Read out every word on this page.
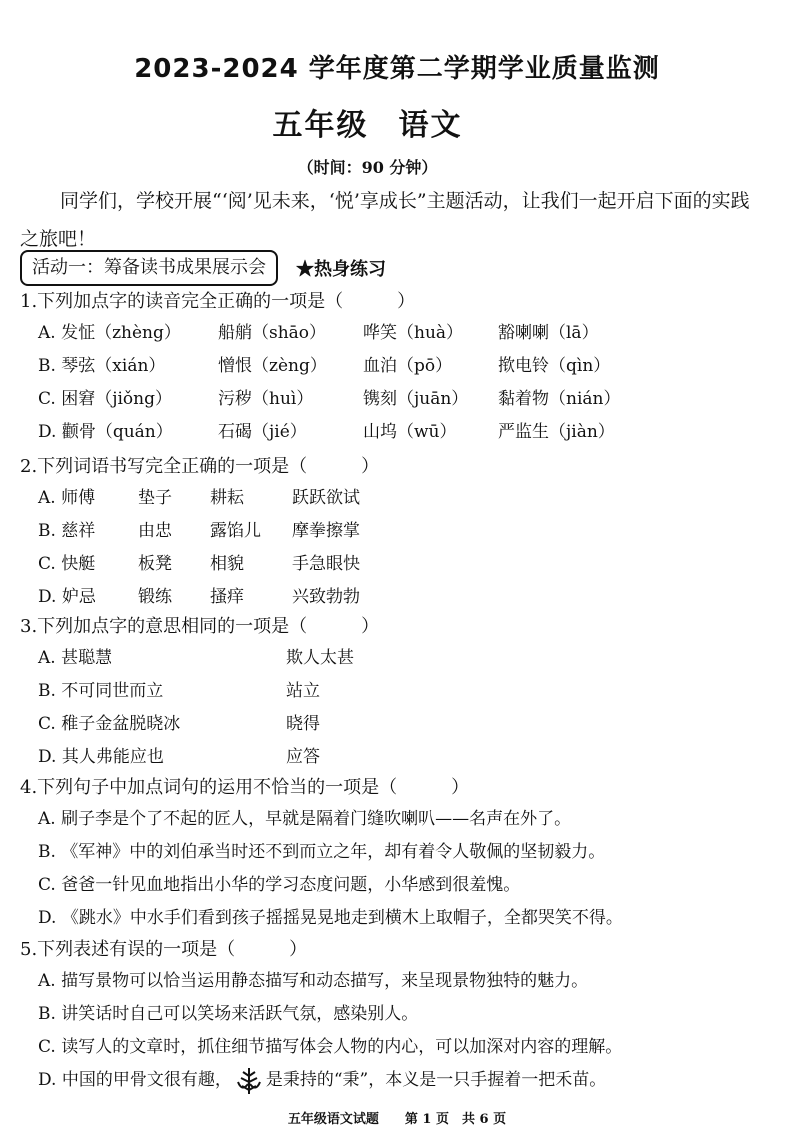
2023-2024 学年度第二学期学业质量监测
五年级 语文
（时间：90 分钟）
同学们，学校开展“‘阅’见未来，‘悦’享成长”主题活动，让我们一起开启下面的实践之旅吧！
活动一：筹备读书成果展示会	★热身练习
1.下列加点字的读音完全正确的一项是（　　　）
A. 发怔（zhèng）	船艄（shāo）	哗笑（huà）	豁喇喇（lā）
B. 琴弦（xián）	憎恨（zèng）	血泊（pō）	揿电铃（qìn）
C. 困窘（jiǒng）	污秽（huì）	镌刻（juān）	黏着物（nián）
D. 颧骨（quán）	石碣（jié）	山坞（wū）	严监生（jiàn）
2.下列词语书写完全正确的一项是（　　　）
A. 师傅	垫子	耕耘	跃跃欲试
B. 慈祥	由忠	露馅儿	摩拳擦掌
C. 快艇	板凳	相貌	手急眼快
D. 妒忌	锻练	搔痒	兴致勃勃
3.下列加点字的意思相同的一项是（　　　）
A. 甚聪慧	欺人太甚
B. 不可同世而立	站立
C. 稚子金盆脱晓冰	晓得
D. 其人弗能应也	应答
4.下列句子中加点词句的运用不恰当的一项是（　　　）
A. 刷子李是个了不起的匠人，早就是隔着门缝吹喇叭——名声在外了。
B. 《军神》中的刘伯承当时还不到而立之年，却有着令人敬佩的坚韧毅力。
C. 爸爸一针见血地指出小华的学习态度问题，小华感到很羞愧。
D. 《跳水》中水手们看到孩子摇摇晃晃地走到横木上取帽子，全都哭笑不得。
5.下列表述有误的一项是（　　　）
A. 描写景物可以恰当运用静态描写和动态描写，来呈现景物独特的魅力。
B. 讲笑话时自己可以笑场来活跃气氛，感染别人。
C. 读写人的文章时，抓住细节描写体会人物的内心，可以加深对内容的理解。
D. 中国的甲骨文很有趣， 是秉持的“秉”，本义是一只手握着一把禾苗。
五年级语文试题　　第 1 页　共 6 页
